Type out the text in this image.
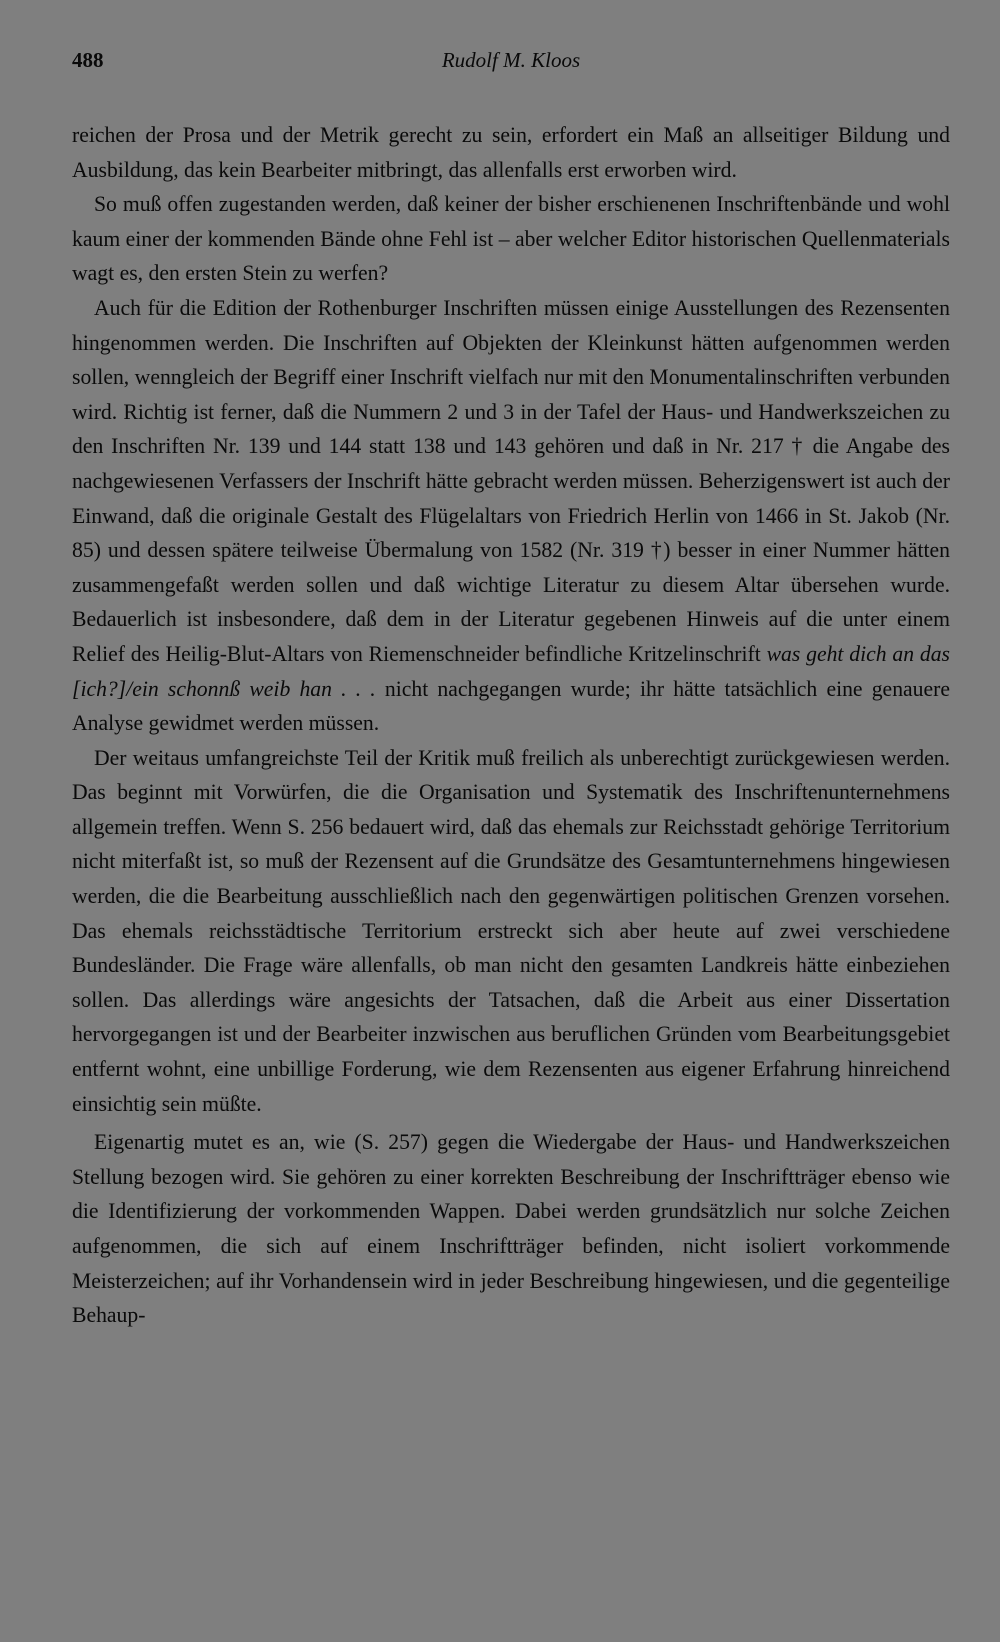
488	Rudolf M. Kloos

reichen der Prosa und der Metrik gerecht zu sein, erfordert ein Maß an allseitiger Bildung und Ausbildung, das kein Bearbeiter mitbringt, das allenfalls erst erworben wird.

So muß offen zugestanden werden, daß keiner der bisher erschienenen Inschriftenbände und wohl kaum einer der kommenden Bände ohne Fehl ist – aber welcher Editor historischen Quellenmaterials wagt es, den ersten Stein zu werfen?

Auch für die Edition der Rothenburger Inschriften müssen einige Ausstellungen des Rezensenten hingenommen werden. Die Inschriften auf Objekten der Kleinkunst hätten aufgenommen werden sollen, wenngleich der Begriff einer Inschrift vielfach nur mit den Monumentalinschriften verbunden wird. Richtig ist ferner, daß die Nummern 2 und 3 in der Tafel der Haus- und Handwerkszeichen zu den Inschriften Nr. 139 und 144 statt 138 und 143 gehören und daß in Nr. 217 † die Angabe des nachgewiesenen Verfassers der Inschrift hätte gebracht werden müssen. Beherzigenswert ist auch der Einwand, daß die originale Gestalt des Flügelaltars von Friedrich Herlin von 1466 in St. Jakob (Nr. 85) und dessen spätere teilweise Übermalung von 1582 (Nr. 319 †) besser in einer Nummer hätten zusammengefaßt werden sollen und daß wichtige Literatur zu diesem Altar übersehen wurde. Bedauerlich ist insbesondere, daß dem in der Literatur gegebenen Hinweis auf die unter einem Relief des Heilig-Blut-Altars von Riemenschneider befindliche Kritzelinschrift was geht dich an das [ich?]/ein schonnß weib han . . . nicht nachgegangen wurde; ihr hätte tatsächlich eine genauere Analyse gewidmet werden müssen.

Der weitaus umfangreichste Teil der Kritik muß freilich als unberechtigt zurückgewiesen werden. Das beginnt mit Vorwürfen, die die Organisation und Systematik des Inschriftenunternehmens allgemein treffen. Wenn S. 256 bedauert wird, daß das ehemals zur Reichsstadt gehörige Territorium nicht miterfaßt ist, so muß der Rezensent auf die Grundsätze des Gesamtunternehmens hingewiesen werden, die die Bearbeitung ausschließlich nach den gegenwärtigen politischen Grenzen vorsehen. Das ehemals reichsstädtische Territorium erstreckt sich aber heute auf zwei verschiedene Bundesländer. Die Frage wäre allenfalls, ob man nicht den gesamten Landkreis hätte einbeziehen sollen. Das allerdings wäre angesichts der Tatsachen, daß die Arbeit aus einer Dissertation hervorgegangen ist und der Bearbeiter inzwischen aus beruflichen Gründen vom Bearbeitungsgebiet entfernt wohnt, eine unbillige Forderung, wie dem Rezensenten aus eigener Erfahrung hinreichend einsichtig sein müßte.

Eigenartig mutet es an, wie (S. 257) gegen die Wiedergabe der Haus- und Handwerkszeichen Stellung bezogen wird. Sie gehören zu einer korrekten Beschreibung der Inschriftträger ebenso wie die Identifizierung der vorkommenden Wappen. Dabei werden grundsätzlich nur solche Zeichen aufgenommen, die sich auf einem Inschriftträger befinden, nicht isoliert vorkommende Meisterzeichen; auf ihr Vorhandensein wird in jeder Beschreibung hingewiesen, und die gegenteilige Behaup-
